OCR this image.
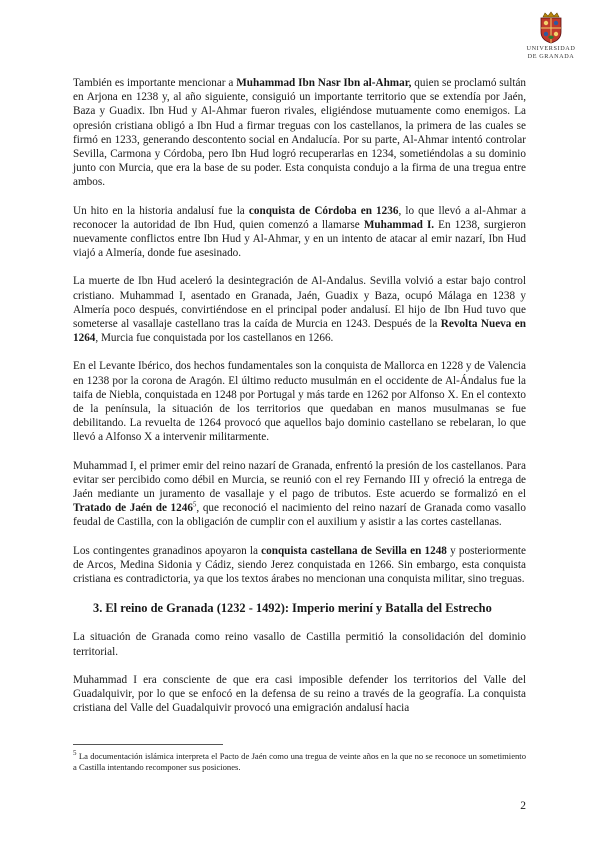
UNIVERSIDAD
DE GRANADA

También es importante mencionar a Muhammad Ibn Nasr Ibn al-Ahmar, quien se proclamó sultán en Arjona en 1238 y, al año siguiente, consiguió un importante territorio que se extendía por Jaén, Baza y Guadix. Ibn Hud y Al-Ahmar fueron rivales, eligiéndose mutuamente como enemigos. La opresión cristiana obligó a Ibn Hud a firmar treguas con los castellanos, la primera de las cuales se firmó en 1233, generando descontento social en Andalucía. Por su parte, Al-Ahmar intentó controlar Sevilla, Carmona y Córdoba, pero Ibn Hud logró recuperarlas en 1234, sometiéndolas a su dominio junto con Murcia, que era la base de su poder. Esta conquista condujo a la firma de una tregua entre ambos.

Un hito en la historia andalusí fue la conquista de Córdoba en 1236, lo que llevó a al-Ahmar a reconocer la autoridad de Ibn Hud, quien comenzó a llamarse Muhammad I. En 1238, surgieron nuevamente conflictos entre Ibn Hud y Al-Ahmar, y en un intento de atacar al emir nazarí, Ibn Hud viajó a Almería, donde fue asesinado.

La muerte de Ibn Hud aceleró la desintegración de Al-Andalus. Sevilla volvió a estar bajo control cristiano. Muhammad I, asentado en Granada, Jaén, Guadix y Baza, ocupó Málaga en 1238 y Almería poco después, convirtiéndose en el principal poder andalusí. El hijo de Ibn Hud tuvo que someterse al vasallaje castellano tras la caída de Murcia en 1243. Después de la Revolta Nueva en 1264, Murcia fue conquistada por los castellanos en 1266.

En el Levante Ibérico, dos hechos fundamentales son la conquista de Mallorca en 1228 y de Valencia en 1238 por la corona de Aragón. El último reducto musulmán en el occidente de Al-Ándalus fue la taifa de Niebla, conquistada en 1248 por Portugal y más tarde en 1262 por Alfonso X. En el contexto de la península, la situación de los territorios que quedaban en manos musulmanas se fue debilitando. La revuelta de 1264 provocó que aquellos bajo dominio castellano se rebelaran, lo que llevó a Alfonso X a intervenir militarmente.

Muhammad I, el primer emir del reino nazarí de Granada, enfrentó la presión de los castellanos. Para evitar ser percibido como débil en Murcia, se reunió con el rey Fernando III y ofreció la entrega de Jaén mediante un juramento de vasallaje y el pago de tributos. Este acuerdo se formalizó en el Tratado de Jaén de 1246$^5$, que reconoció el nacimiento del reino nazarí de Granada como vasallo feudal de Castilla, con la obligación de cumplir con el auxilium y asistir a las cortes castellanas.

Los contingentes granadinos apoyaron la conquista castellana de Sevilla en 1248 y posteriormente de Arcos, Medina Sidonia y Cádiz, siendo Jerez conquistada en 1266. Sin embargo, esta conquista cristiana es contradictoria, ya que los textos árabes no mencionan una conquista militar, sino treguas.

3. El reino de Granada (1232 - 1492): Imperio meriní y Batalla del Estrecho

La situación de Granada como reino vasallo de Castilla permitió la consolidación del dominio territorial.

Muhammad I era consciente de que era casi imposible defender los territorios del Valle del Guadalquivir, por lo que se enfocó en la defensa de su reino a través de la geografía. La conquista cristiana del Valle del Guadalquivir provocó una emigración andalusí hacia

$^5$ La documentación islámica interpreta el Pacto de Jaén como una tregua de veinte años en la que no se reconoce un sometimiento a Castilla intentando recomponer sus posiciones.
2
